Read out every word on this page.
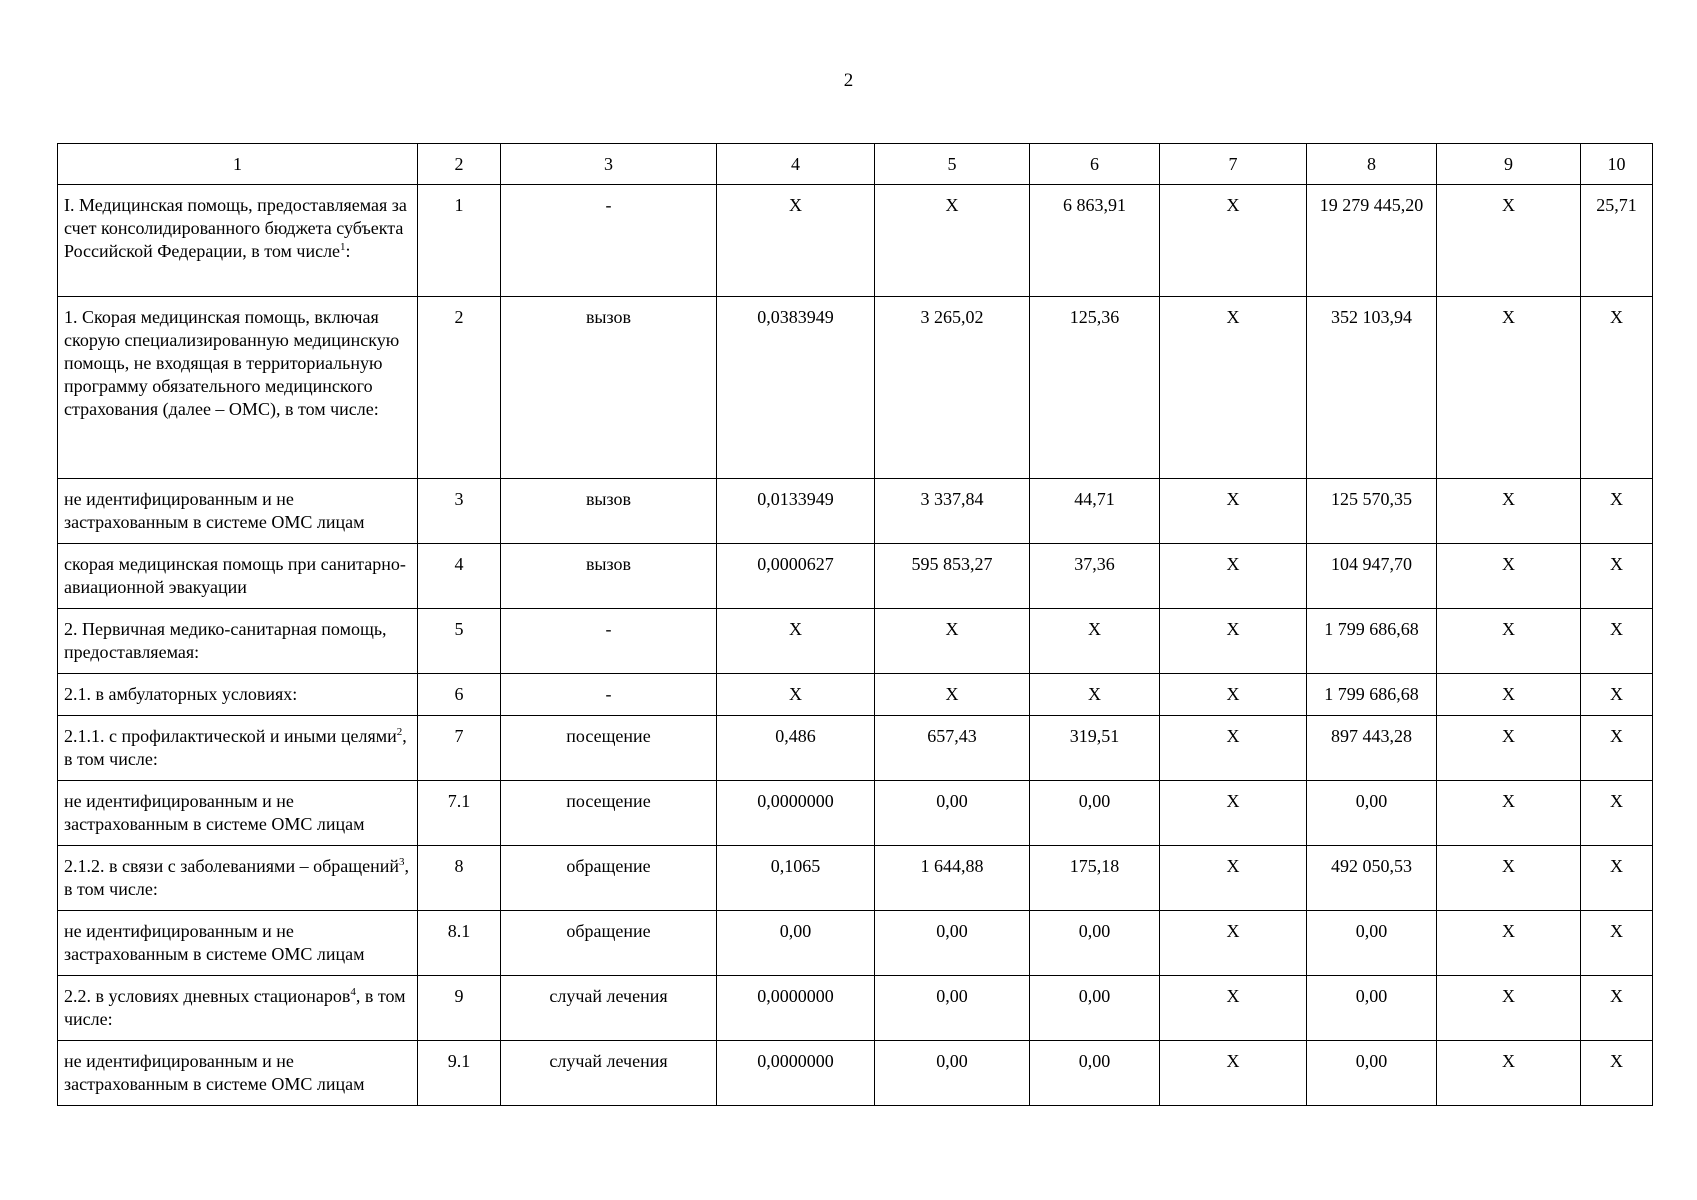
2
1	2	3	4	5	6	7	8	9	10
I. Медицинская помощь, предоставляемая за счет консолидированного бюджета субъекта Российской Федерации, в том числе$^1$:	1	-	Х	Х	6 863,91	Х	19 279 445,20	Х	25,71
1. Скорая медицинская помощь, включая скорую специализированную медицинскую помощь, не входящая в территориальную программу обязательного медицинского страхования (далее – ОМС), в том числе:	2	вызов	0,0383949	3 265,02	125,36	Х	352 103,94	Х	Х
не идентифицированным и не застрахованным в системе ОМС лицам	3	вызов	0,0133949	3 337,84	44,71	Х	125 570,35	Х	Х
скорая медицинская помощь при санитарно-авиационной эвакуации	4	вызов	0,0000627	595 853,27	37,36	Х	104 947,70	Х	Х
2. Первичная медико-санитарная помощь, предоставляемая:	5	-	Х	Х	Х	Х	1 799 686,68	Х	Х
2.1. в амбулаторных условиях:	6	-	Х	Х	Х	Х	1 799 686,68	Х	Х
2.1.1. с профилактической и иными целями$^2$, в том числе:	7	посещение	0,486	657,43	319,51	Х	897 443,28	Х	Х
не идентифицированным и не застрахованным в системе ОМС лицам	7.1	посещение	0,0000000	0,00	0,00	Х	0,00	Х	Х
2.1.2. в связи с заболеваниями – обращений$^3$, в том числе:	8	обращение	0,1065	1 644,88	175,18	Х	492 050,53	Х	Х
не идентифицированным и не застрахованным в системе ОМС лицам	8.1	обращение	0,00	0,00	0,00	Х	0,00	Х	Х
2.2. в условиях дневных стационаров$^4$, в том числе:	9	случай лечения	0,0000000	0,00	0,00	Х	0,00	Х	Х
не идентифицированным и не застрахованным в системе ОМС лицам	9.1	случай лечения	0,0000000	0,00	0,00	Х	0,00	Х	Х
